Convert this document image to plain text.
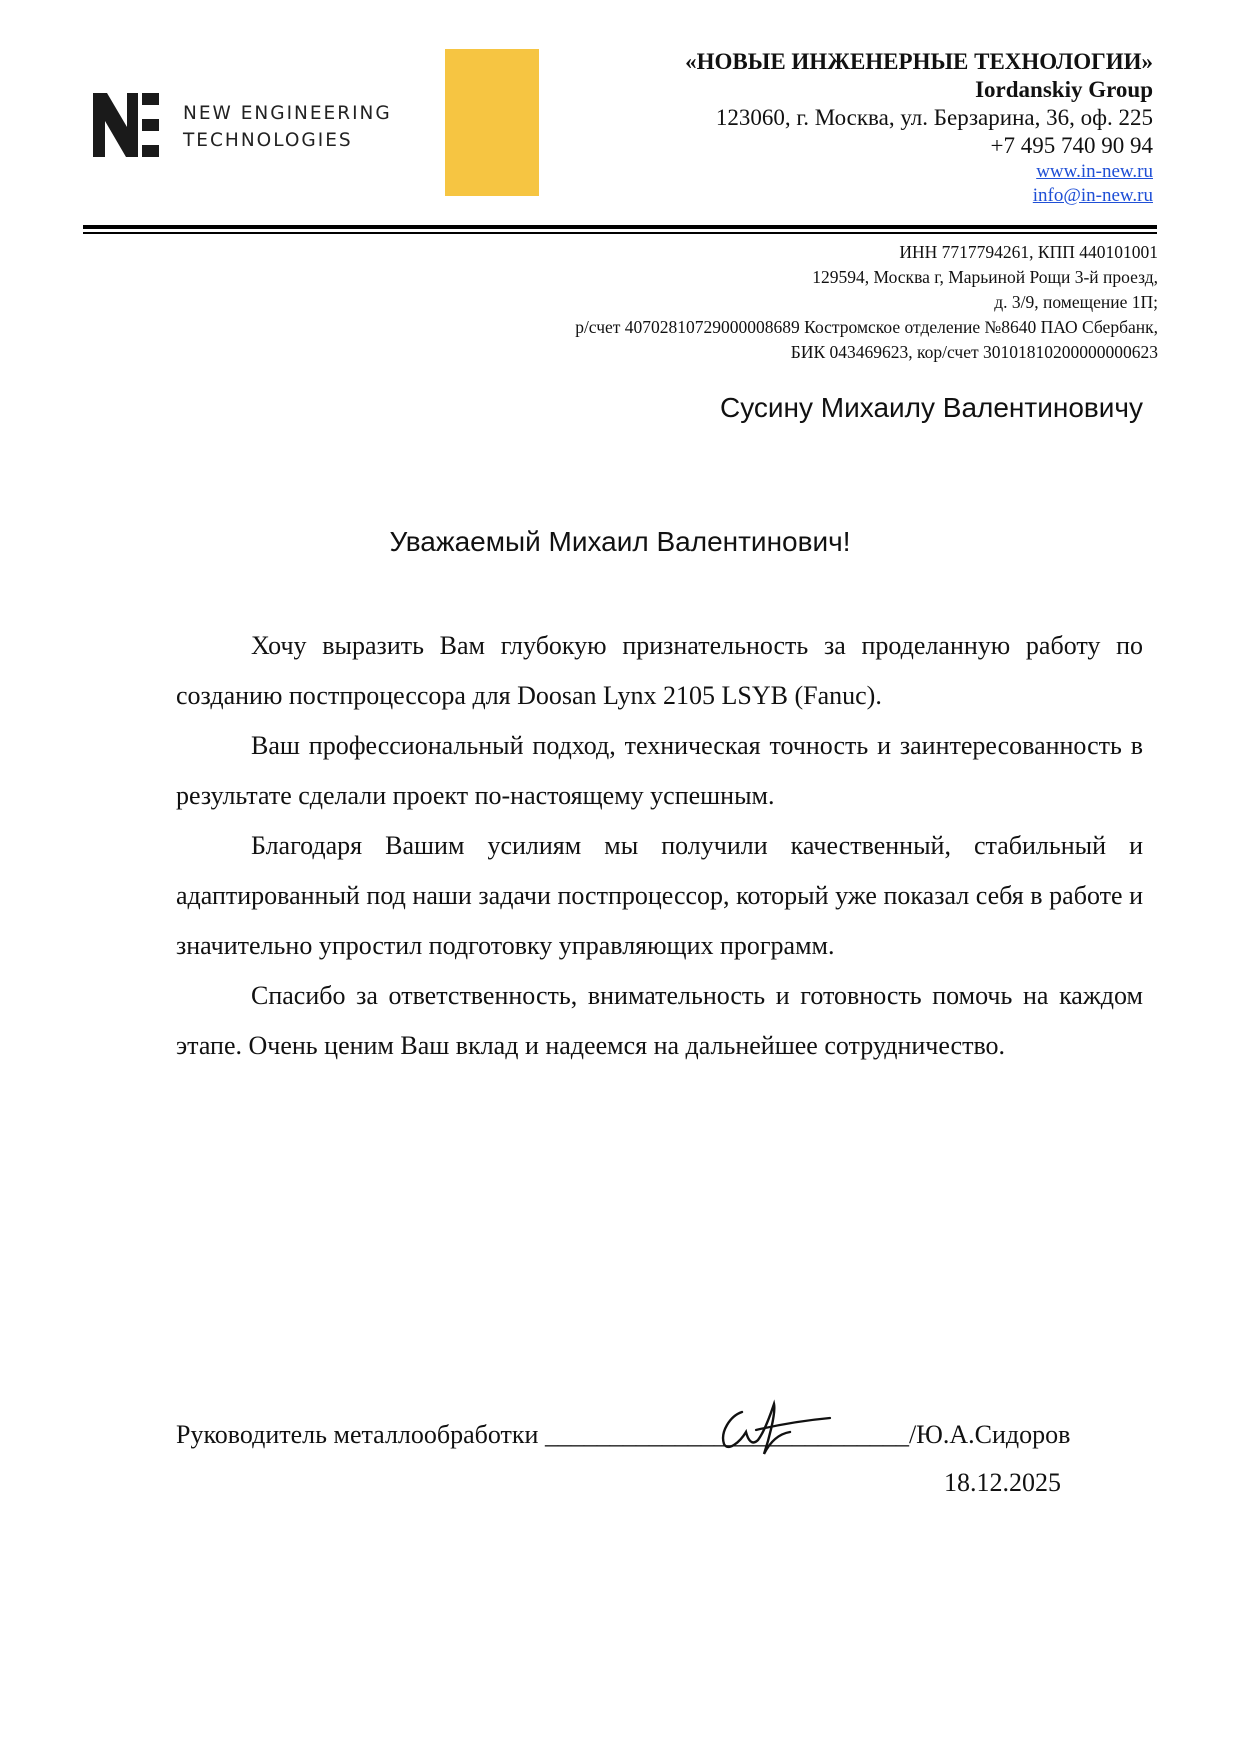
NEW ENGINEERING
TECHNOLOGIES
«НОВЫЕ ИНЖЕНЕРНЫЕ ТЕХНОЛОГИИ»
Iordanskiy Group
123060, г. Москва, ул. Берзарина, 36, оф. 225
+7 495 740 90 94
www.in-new.ru
info@in-new.ru
ИНН 7717794261, КПП 440101001
129594, Москва г, Марьиной Рощи 3-й проезд,
д. 3/9, помещение 1П;
р/счет 40702810729000008689 Костромское отделение №8640 ПАО Сбербанк,
БИК 043469623, кор/счет 30101810200000000623
Сусину Михаилу Валентиновичу
Уважаемый Михаил Валентинович!

Хочу выразить Вам глубокую признательность за проделанную работу по созданию постпроцессора для Doosan Lynx 2105 LSYB (Fanuc).

Ваш профессиональный подход, техническая точность и заинтересованность в результате сделали проект по-настоящему успешным.

Благодаря Вашим усилиям мы получили качественный, стабильный и адаптированный под наши задачи постпроцессор, который уже показал себя в работе и значительно упростил подготовку управляющих программ.

Спасибо за ответственность, внимательность и готовность помочь на каждом этапе. Очень ценим Ваш вклад и надеемся на дальнейшее сотрудничество.

Руководитель металлообработки ____________________________/Ю.А.Сидоров
18.12.2025
